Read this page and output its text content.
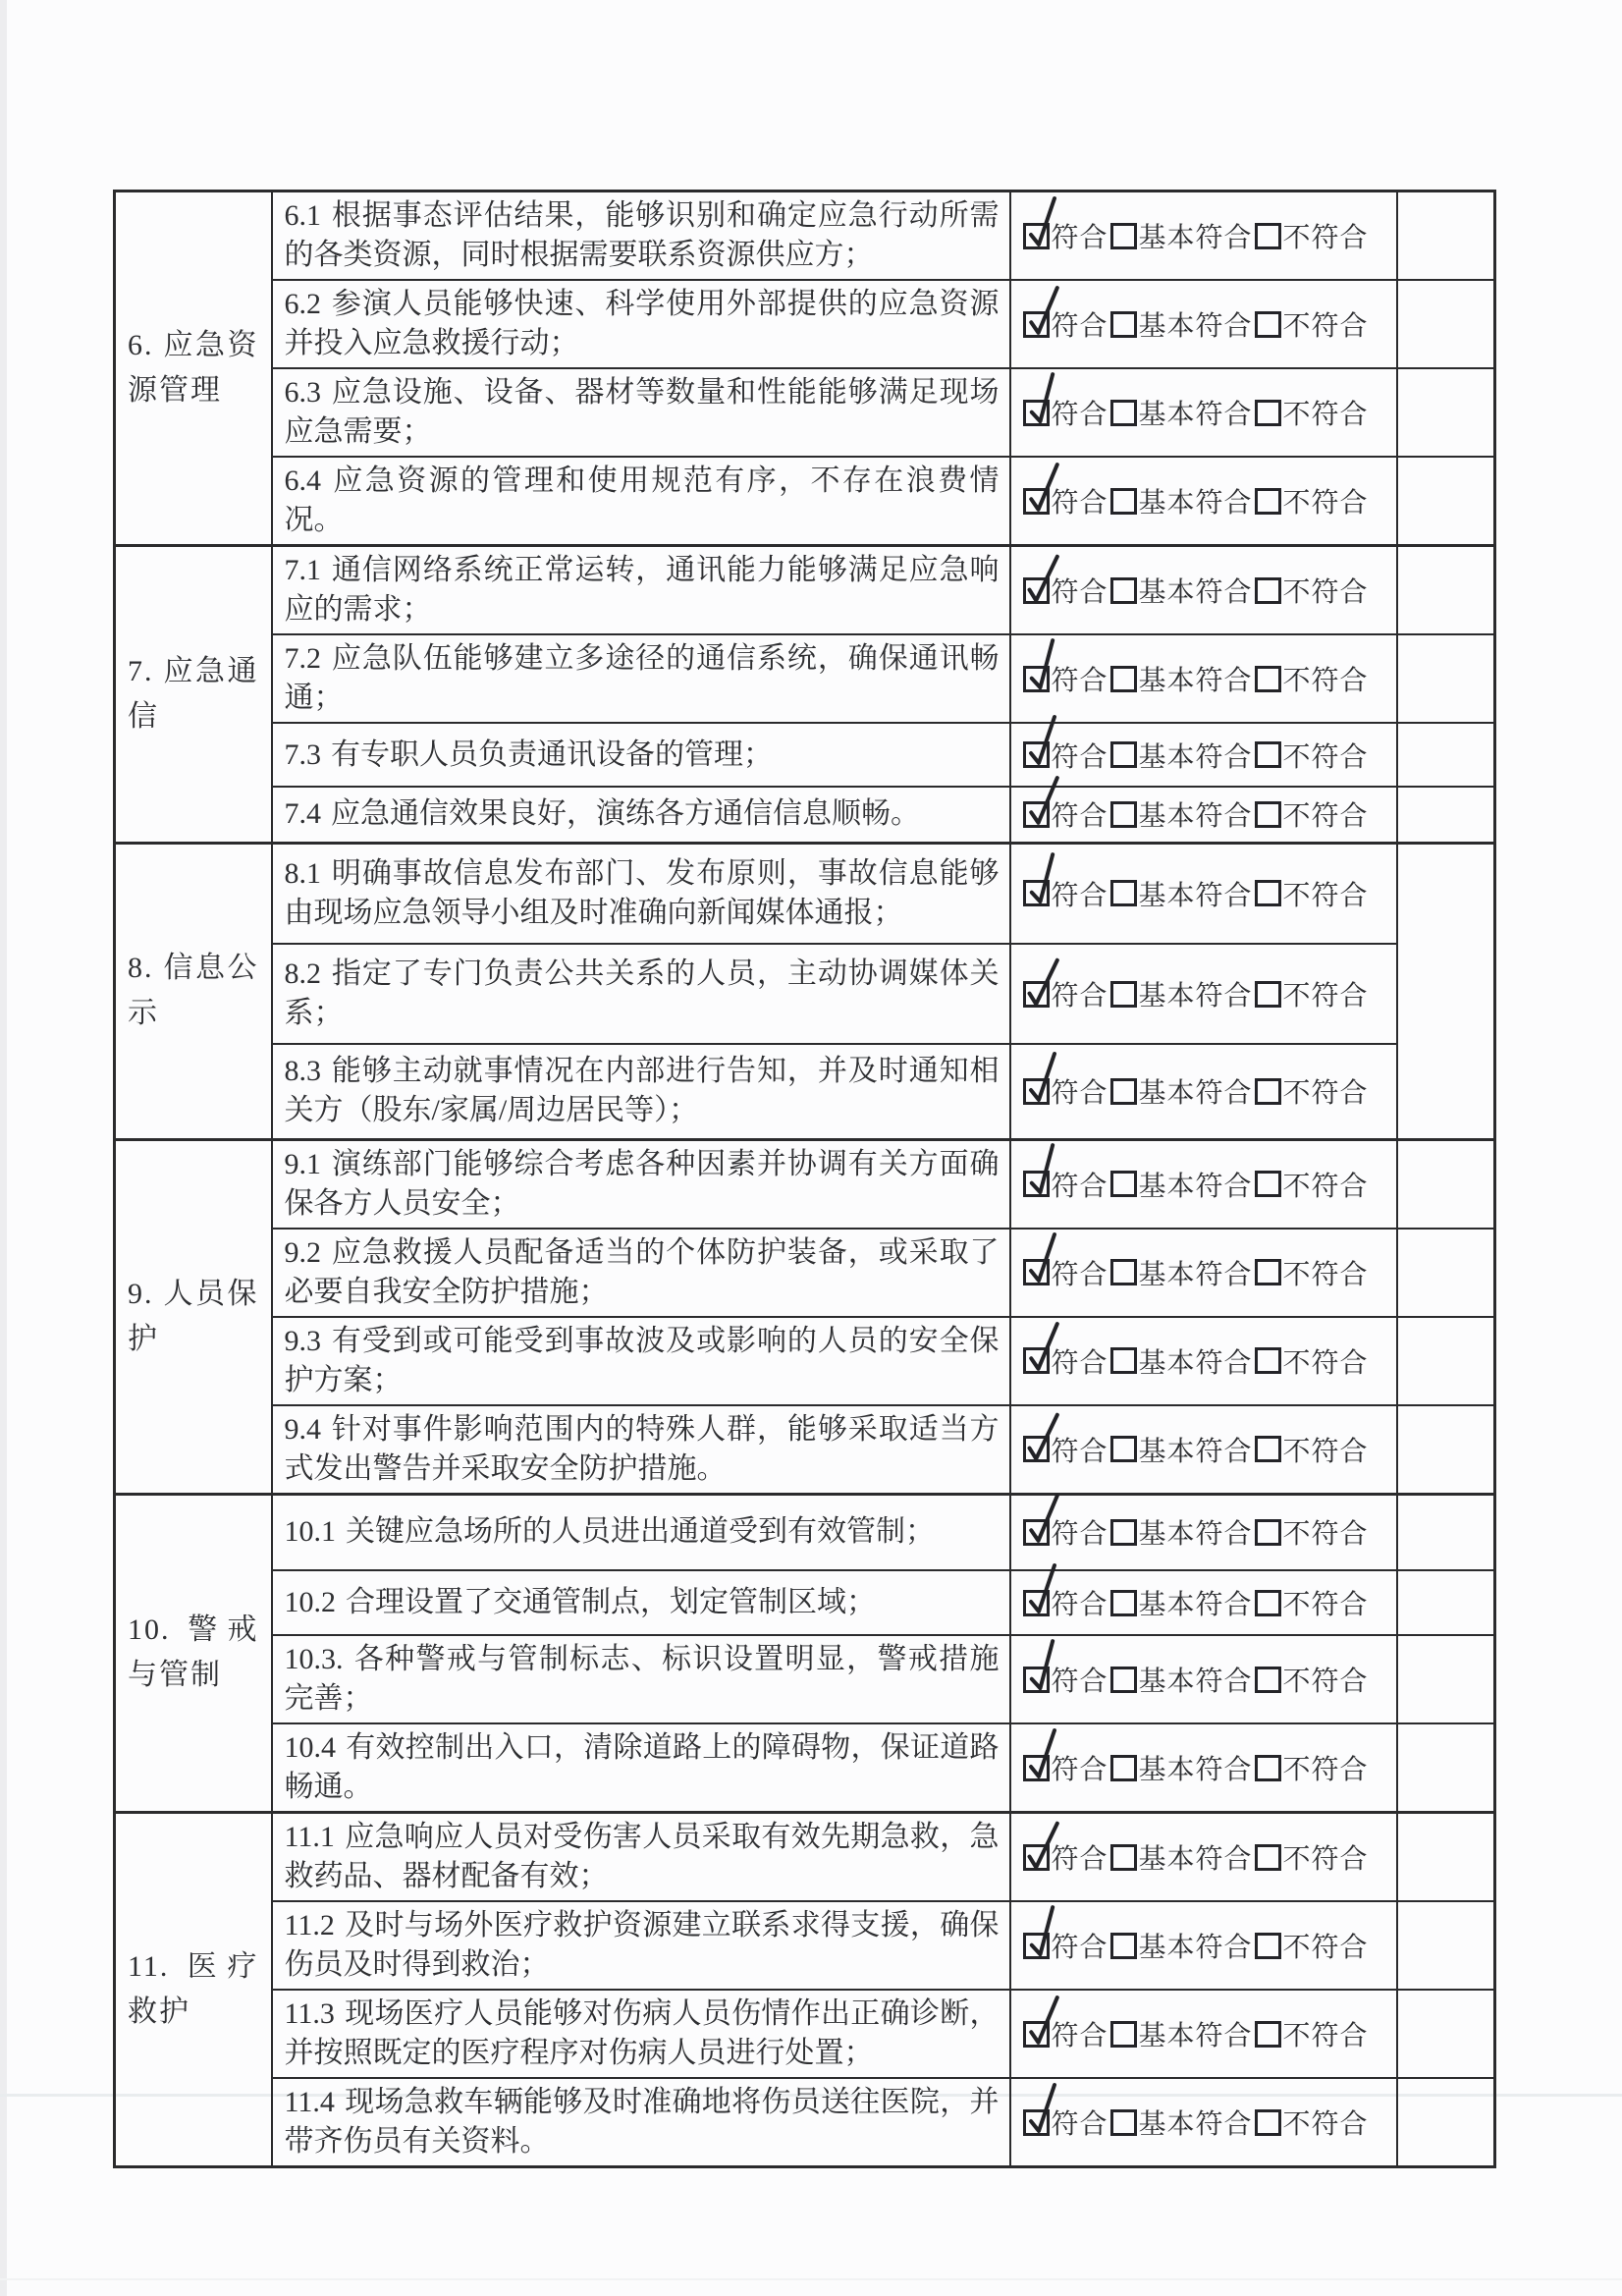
6. 应急资源管理	6.1 根据事态评估结果，能够识别和确定应急行动所需的各类资源，同时根据需要联系资源供应方；	符合 基本符合 不符合	

	6.2 参演人员能够快速、科学使用外部提供的应急资源并投入应急救援行动；	符合 基本符合 不符合	

	6.3 应急设施、设备、器材等数量和性能能够满足现场应急需要；	符合 基本符合 不符合	

	6.4 应急资源的管理和使用规范有序，不存在浪费情况。	符合 基本符合 不符合	

7. 应急通信	7.1 通信网络系统正常运转，通讯能力能够满足应急响应的需求；	符合 基本符合 不符合	

	7.2 应急队伍能够建立多途径的通信系统，确保通讯畅通；	符合 基本符合 不符合	

	7.3 有专职人员负责通讯设备的管理；	符合 基本符合 不符合	

	7.4 应急通信效果良好，演练各方通信信息顺畅。	符合 基本符合 不符合	

8. 信息公示	8.1 明确事故信息发布部门、发布原则，事故信息能够由现场应急领导小组及时准确向新闻媒体通报；	符合 基本符合 不符合	

	8.2 指定了专门负责公共关系的人员，主动协调媒体关系；	符合 基本符合 不符合	

	8.3 能够主动就事情况在内部进行告知，并及时通知相关方（股东/家属/周边居民等）；	符合 基本符合 不符合	

9. 人员保护	9.1 演练部门能够综合考虑各种因素并协调有关方面确保各方人员安全；	符合 基本符合 不符合	

	9.2 应急救援人员配备适当的个体防护装备，或采取了必要自我安全防护措施；	符合 基本符合 不符合	

	9.3 有受到或可能受到事故波及或影响的人员的安全保护方案；	符合 基本符合 不符合	

	9.4 针对事件影响范围内的特殊人群，能够采取适当方式发出警告并采取安全防护措施。	符合 基本符合 不符合	

10. 警戒与管制	10.1 关键应急场所的人员进出通道受到有效管制；	符合 基本符合 不符合	

	10.2 合理设置了交通管制点，划定管制区域；	符合 基本符合 不符合	

	10.3. 各种警戒与管制标志、标识设置明显，警戒措施完善；	符合 基本符合 不符合	

	10.4 有效控制出入口，清除道路上的障碍物，保证道路畅通。	符合 基本符合 不符合	

11. 医疗救护	11.1 应急响应人员对受伤害人员采取有效先期急救，急救药品、器材配备有效；	符合 基本符合 不符合	

	11.2 及时与场外医疗救护资源建立联系求得支援，确保伤员及时得到救治；	符合 基本符合 不符合	

	11.3 现场医疗人员能够对伤病人员伤情作出正确诊断，并按照既定的医疗程序对伤病人员进行处置；	符合 基本符合 不符合	

	11.4 现场急救车辆能够及时准确地将伤员送往医院，并带齐伤员有关资料。	符合 基本符合 不符合	
